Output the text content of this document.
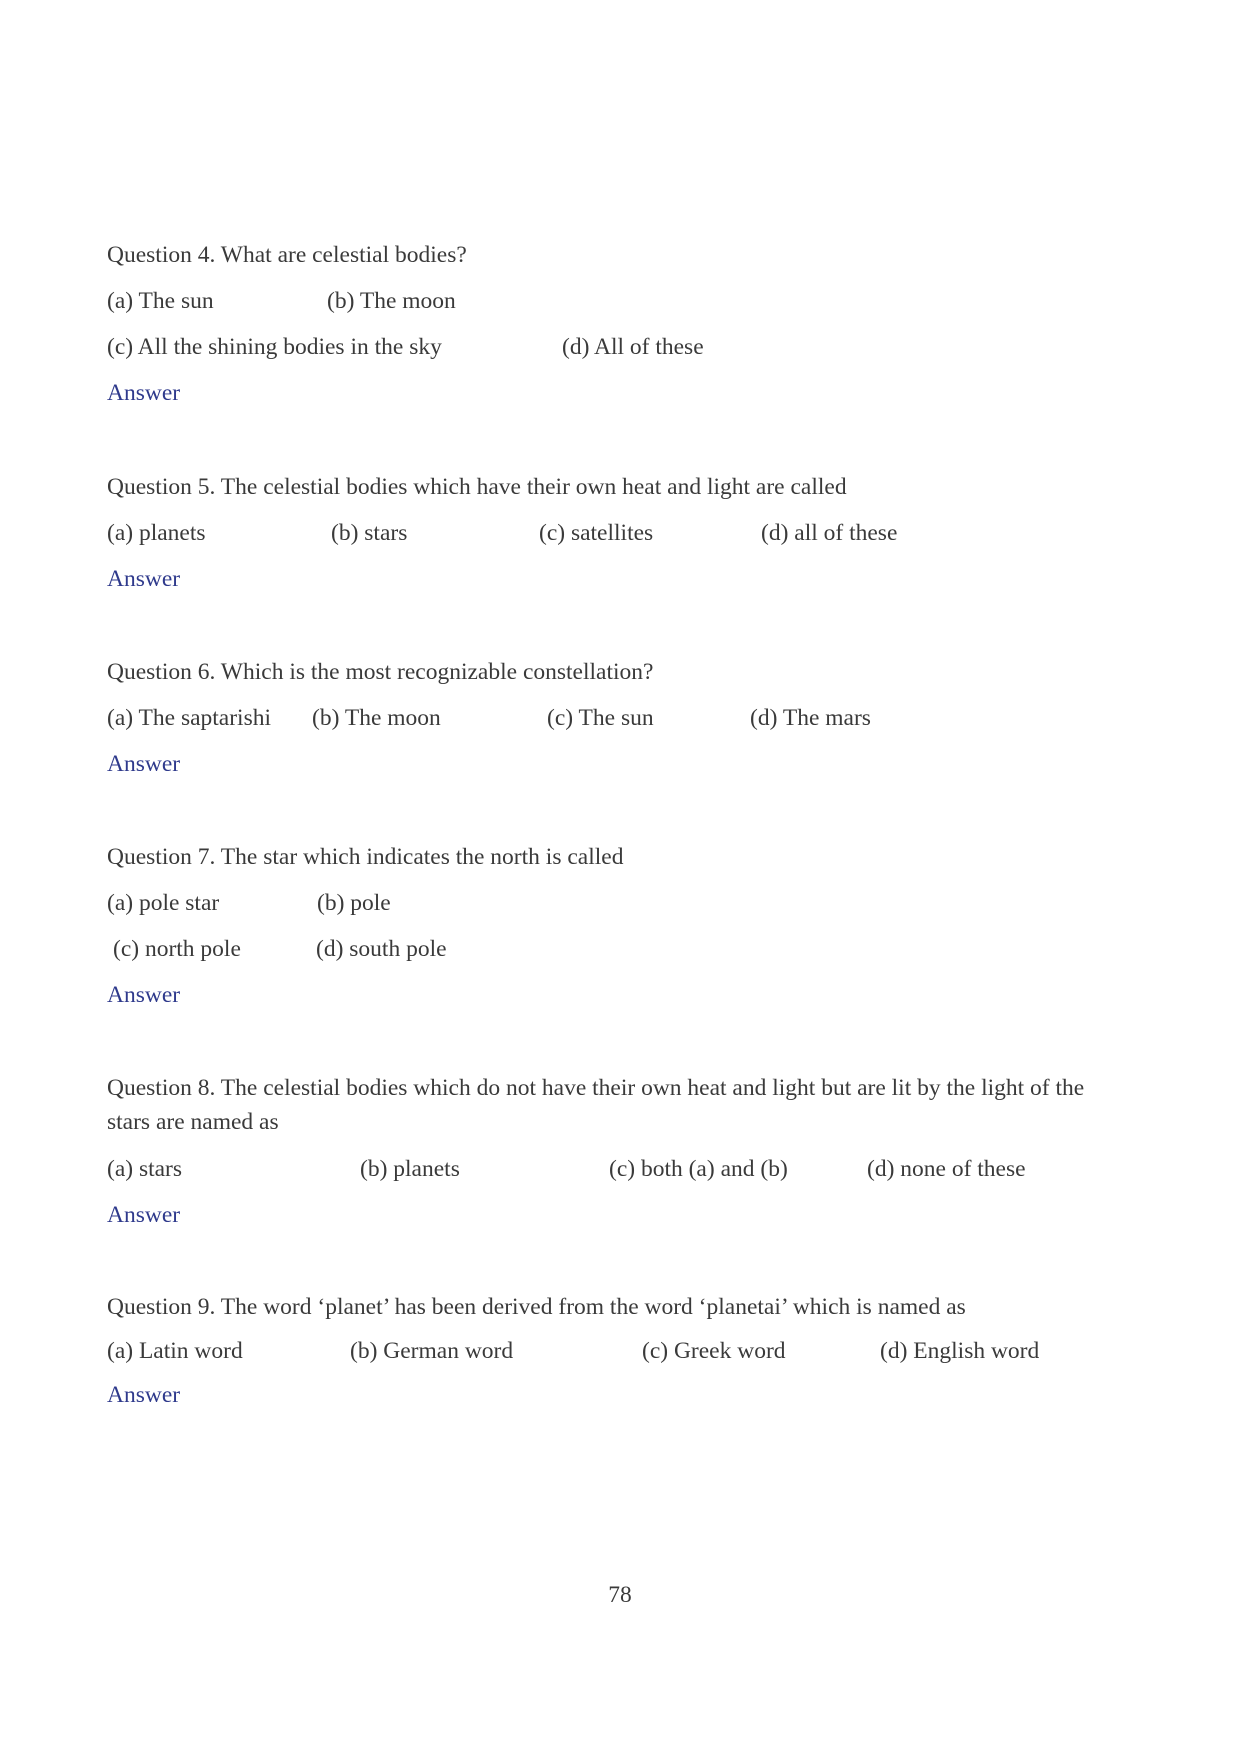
Question 4. What are celestial bodies?
(a) The sun	(b) The moon
(c) All the shining bodies in the sky	(d) All of these
Answer
Question 5. The celestial bodies which have their own heat and light are called
(a) planets	(b) stars	(c) satellites	(d) all of these
Answer
Question 6. Which is the most recognizable constellation?
(a) The saptarishi (b) The moon	(c) The sun	(d) The mars
Answer
Question 7. The star which indicates the north is called
(a) pole star	(b) pole
(c) north pole	(d) south pole
Answer
Question 8. The celestial bodies which do not have their own heat and light but are lit by the light of the stars are named as
(a) stars	(b) planets	(c) both (a) and (b)	(d) none of these
Answer
Question 9. The word ‘planet’ has been derived from the word ‘planetai’ which is named as
(a) Latin word	(b) German word	(c) Greek word	(d) English word
Answer
78
